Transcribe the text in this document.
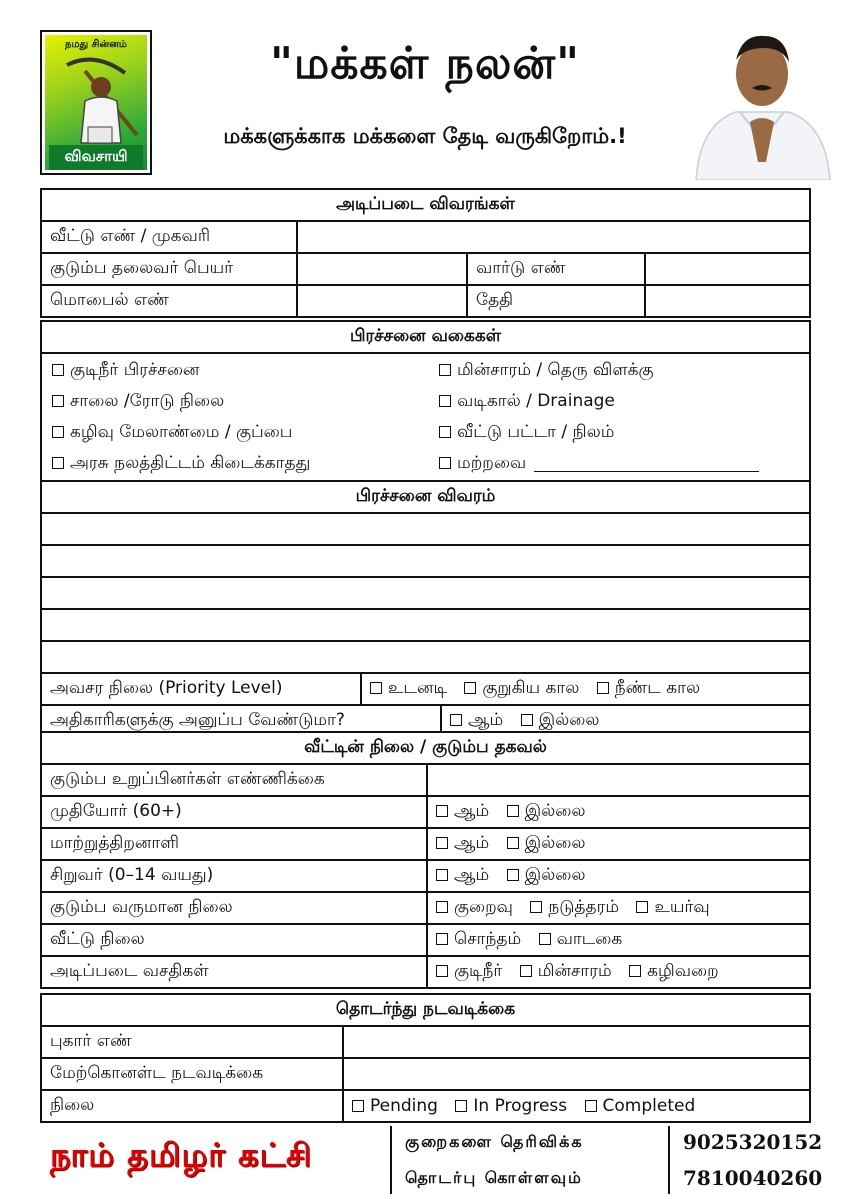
நமது சின்னம்
விவசாயி
"மக்கள் நலன்"
மக்களுக்காக மக்களை தேடி வருகிறோம்.!
அடிப்படை விவரங்கள்			
வீட்டு எண் / முகவரி			
குடும்ப தலைவர் பெயர்		வார்டு எண்	
மொபைல் எண்		தேதி	
பிரச்சனை வகைகள்

குடிநீர் பிரச்சனை	மின்சாரம் / தெரு விளக்கு
சாலை /ரோடு நிலை	வடிகால் / Drainage
கழிவு மேலாண்மை / குப்பை	வீட்டு பட்டா / நிலம்
அரசு நலத்திட்டம் கிடைக்காதது	மற்றவை

பிரச்சனை விவரம்

அவசர நிலை (Priority Level)	உடனடி குறுகிய கால நீண்ட கால
அதிகாரிகளுக்கு அனுப்ப வேண்டுமா?	ஆம் இல்லை
வீட்டின் நிலை / குடும்ப தகவல்	
குடும்ப உறுப்பினர்கள் எண்ணிக்கை	
முதியோர் (60+)	ஆம் இல்லை
மாற்றுத்திறனாளி	ஆம் இல்லை
சிறுவர் (0–14 வயது)	ஆம் இல்லை
குடும்ப வருமான நிலை	குறைவு நடுத்தரம் உயர்வு
வீட்டு நிலை	சொந்தம் வாடகை
அடிப்படை வசதிகள்	குடிநீர் மின்சாரம் கழிவறை
தொடர்ந்து நடவடிக்கை	
புகார் எண்	
மேற்கொனள்ட நடவடிக்கை	
நிலை	Pending In Progress Completed
நாம் தமிழர் கட்சி	குறைகளை தெரிவிக்க
தொடர்பு கொள்ளவும்
9025320152
7810040260
